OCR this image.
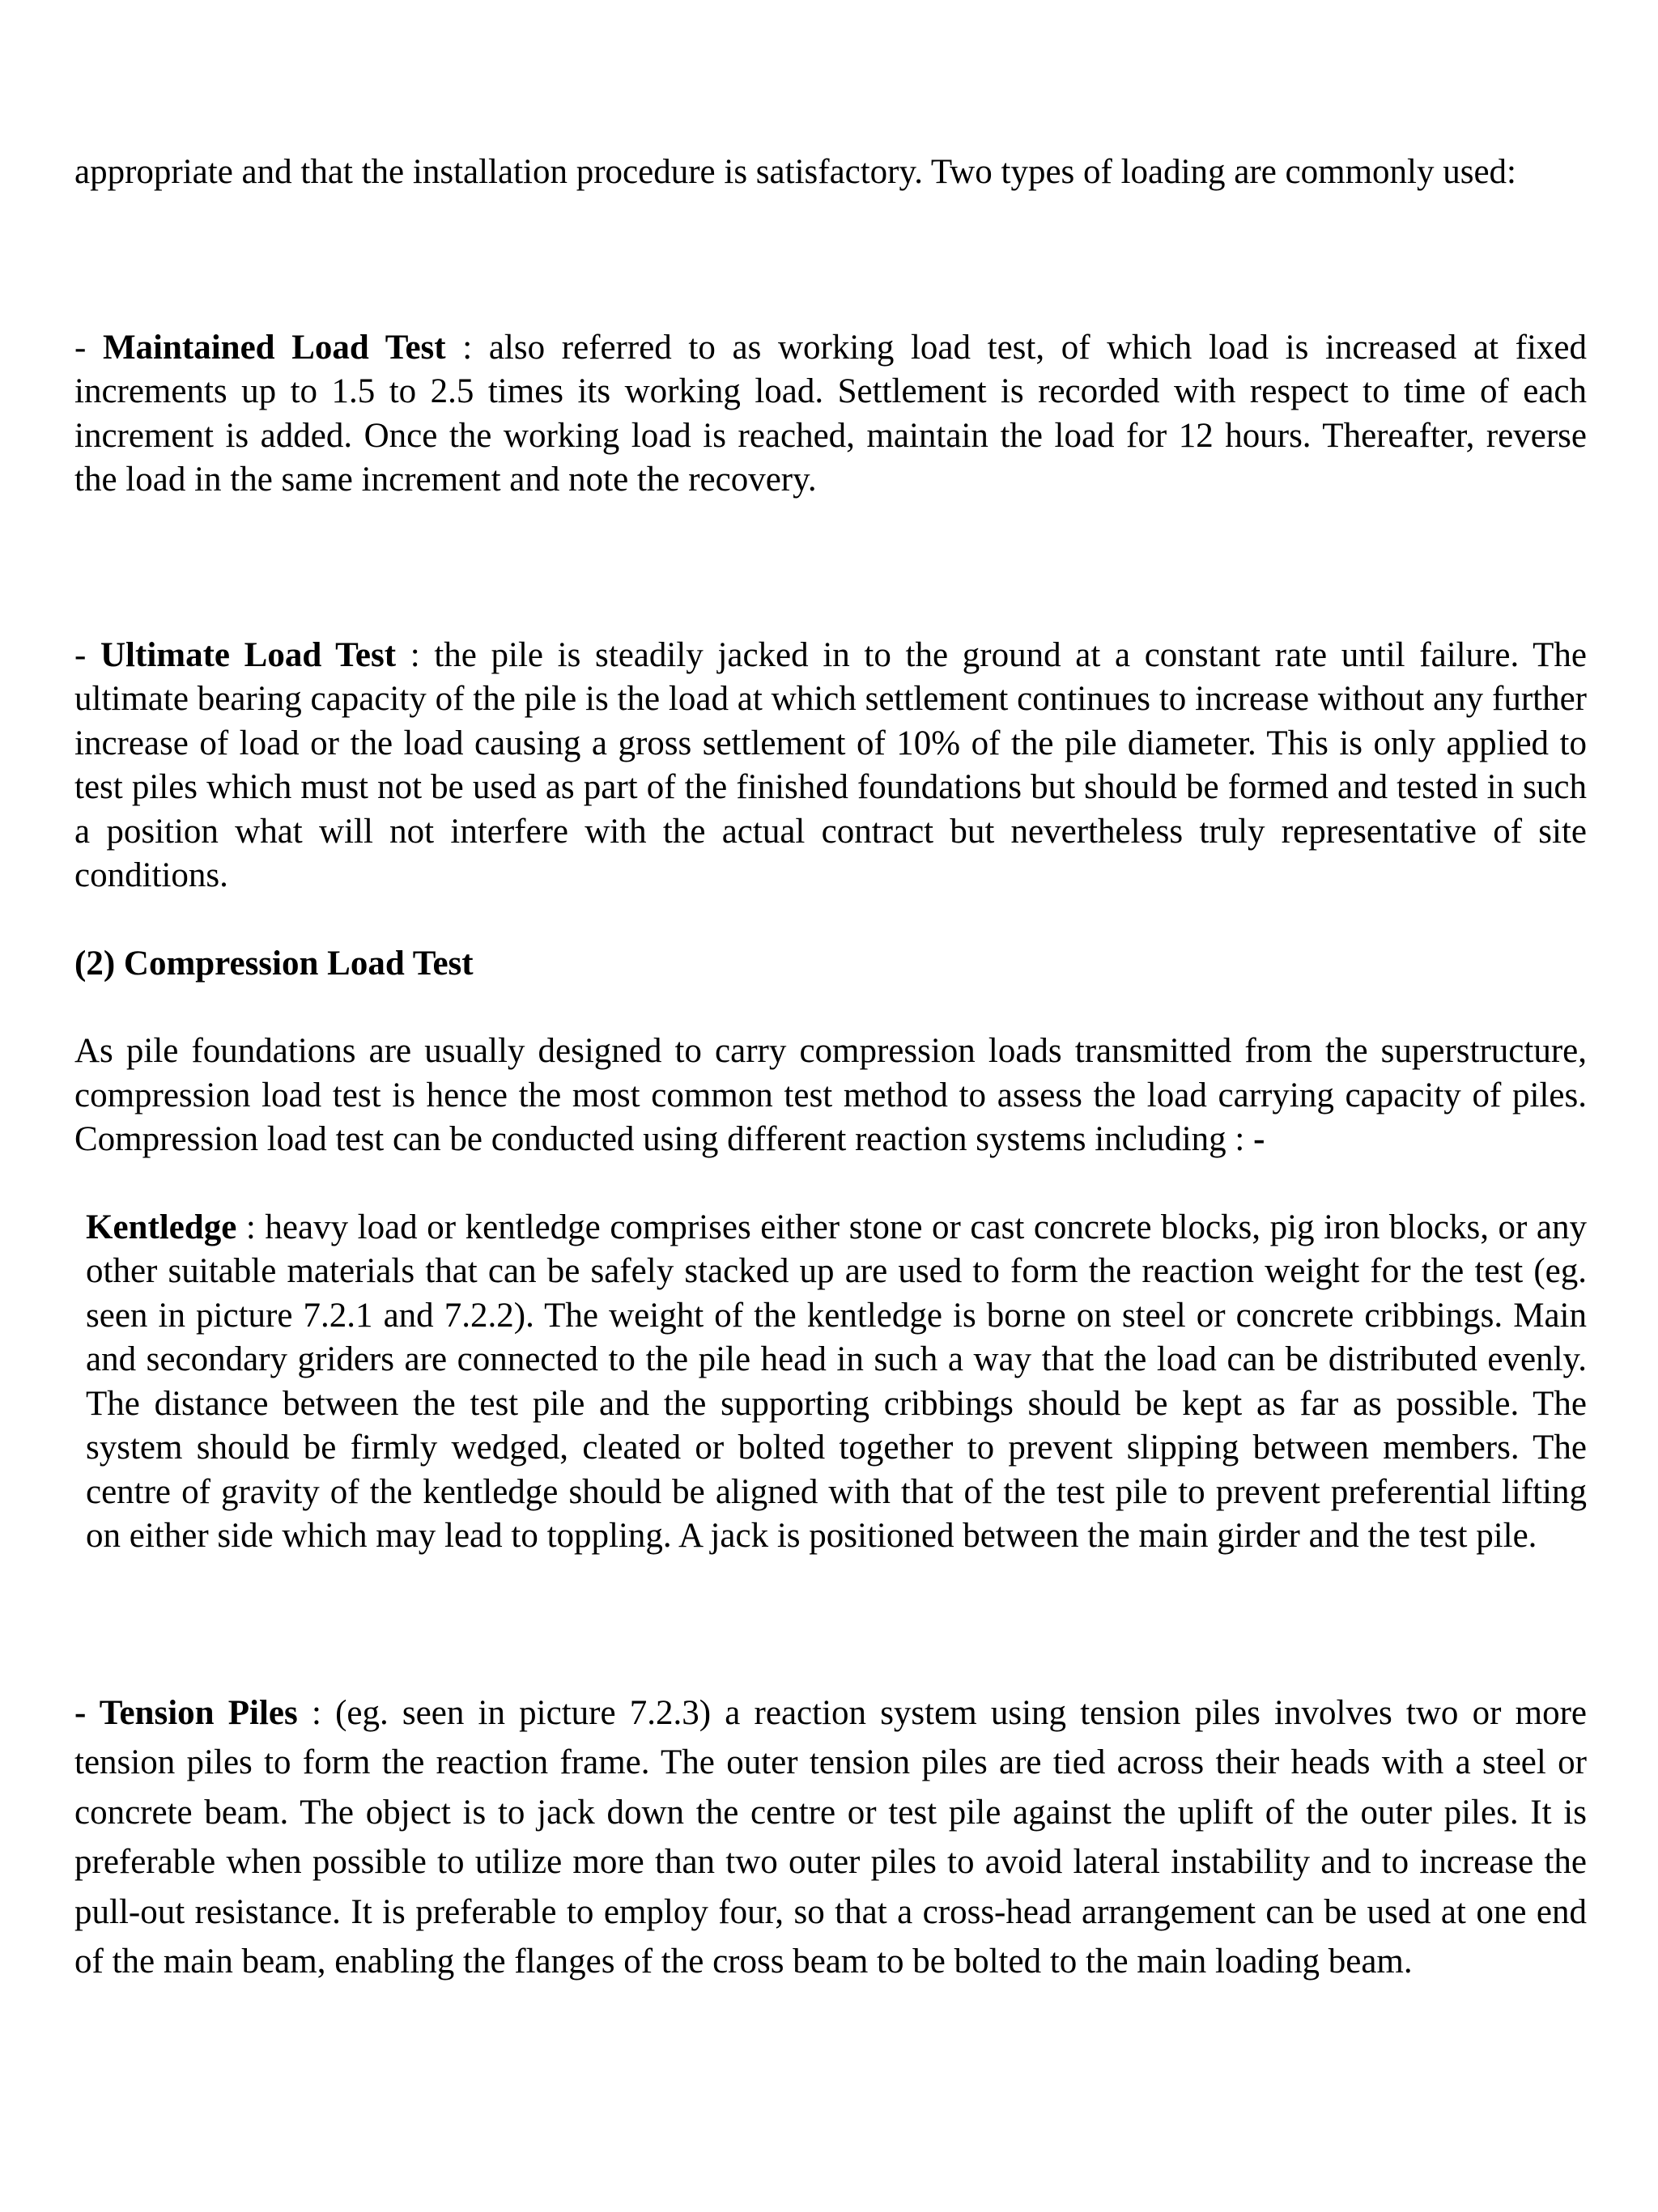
appropriate and that the installation procedure is satisfactory. Two types of loading are commonly used:

- Maintained Load Test : also referred to as working load test, of which load is increased at fixed increments up to 1.5 to 2.5 times its working load. Settlement is recorded with respect to time of each increment is added. Once the working load is reached, maintain the load for 12 hours. Thereafter, reverse the load in the same increment and note the recovery.

- Ultimate Load Test : the pile is steadily jacked in to the ground at a constant rate until failure. The ultimate bearing capacity of the pile is the load at which settlement continues to increase without any further increase of load or the load causing a gross settlement of 10% of the pile diameter. This is only applied to test piles which must not be used as part of the finished foundations but should be formed and tested in such a position what will not interfere with the actual contract but nevertheless truly representative of site conditions.

(2) Compression Load Test

As pile foundations are usually designed to carry compression loads transmitted from the superstructure, compression load test is hence the most common test method to assess the load carrying capacity of piles. Compression load test can be conducted using different reaction systems including : -

Kentledge : heavy load or kentledge comprises either stone or cast concrete blocks, pig iron blocks, or any other suitable materials that can be safely stacked up are used to form the reaction weight for the test (eg. seen in picture 7.2.1 and 7.2.2). The weight of the kentledge is borne on steel or concrete cribbings. Main and secondary griders are connected to the pile head in such a way that the load can be distributed evenly. The distance between the test pile and the supporting cribbings should be kept as far as possible. The system should be firmly wedged, cleated or bolted together to prevent slipping between members. The centre of gravity of the kentledge should be aligned with that of the test pile to prevent preferential lifting on either side which may lead to toppling. A jack is positioned between the main girder and the test pile.

- Tension Piles : (eg. seen in picture 7.2.3) a reaction system using tension piles involves two or more tension piles to form the reaction frame. The outer tension piles are tied across their heads with a steel or concrete beam. The object is to jack down the centre or test pile against the uplift of the outer piles. It is preferable when possible to utilize more than two outer piles to avoid lateral instability and to increase the pull-out resistance. It is preferable to employ four, so that a cross-head arrangement can be used at one end of the main beam, enabling the flanges of the cross beam to be bolted to the main loading beam.
